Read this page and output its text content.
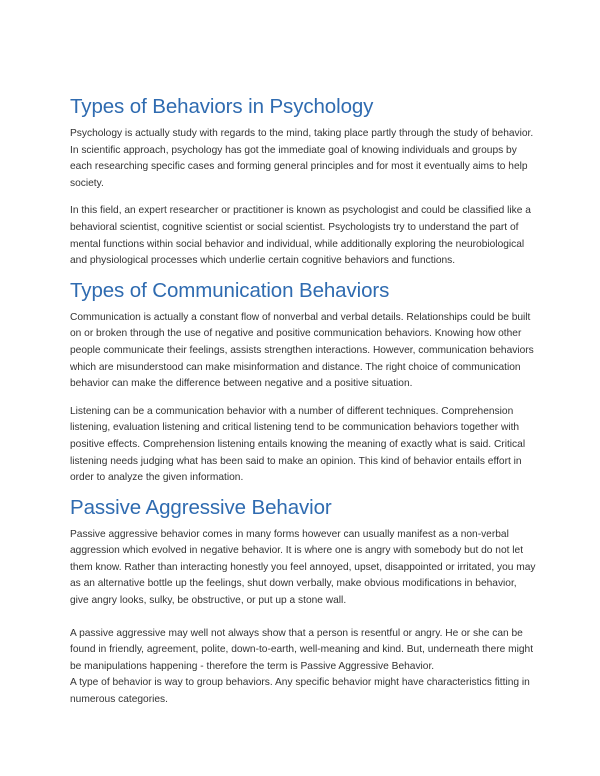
Types of Behaviors in Psychology

Psychology is actually study with regards to the mind, taking place partly through the study of behavior. In scientific approach, psychology has got the immediate goal of knowing individuals and groups by each researching specific cases and forming general principles and for most it eventually aims to help society.

In this field, an expert researcher or practitioner is known as psychologist and could be classified like a behavioral scientist, cognitive scientist or social scientist. Psychologists try to understand the part of mental functions within social behavior and individual, while additionally exploring the neurobiological and physiological processes which underlie certain cognitive behaviors and functions.

Types of Communication Behaviors

Communication is actually a constant flow of nonverbal and verbal details. Relationships could be built on or broken through the use of negative and positive communication behaviors. Knowing how other people communicate their feelings, assists strengthen interactions. However, communication behaviors which are misunderstood can make misinformation and distance. The right choice of communication behavior can make the difference between negative and a positive situation.

Listening can be a communication behavior with a number of different techniques. Comprehension listening, evaluation listening and critical listening tend to be communication behaviors together with positive effects. Comprehension listening entails knowing the meaning of exactly what is said. Critical listening needs judging what has been said to make an opinion. This kind of behavior entails effort in order to analyze the given information.

Passive Aggressive Behavior

Passive aggressive behavior comes in many forms however can usually manifest as a non-verbal aggression which evolved in negative behavior. It is where one is angry with somebody but do not let them know. Rather than interacting honestly you feel annoyed, upset, disappointed or irritated, you may as an alternative bottle up the feelings, shut down verbally, make obvious modifications in behavior, give angry looks, sulky, be obstructive, or put up a stone wall.

A passive aggressive may well not always show that a person is resentful or angry. He or she can be found in friendly, agreement, polite, down-to-earth, well-meaning and kind. But, underneath there might be manipulations happening - therefore the term is Passive Aggressive Behavior.

A type of behavior is way to group behaviors. Any specific behavior might have characteristics fitting in numerous categories.
